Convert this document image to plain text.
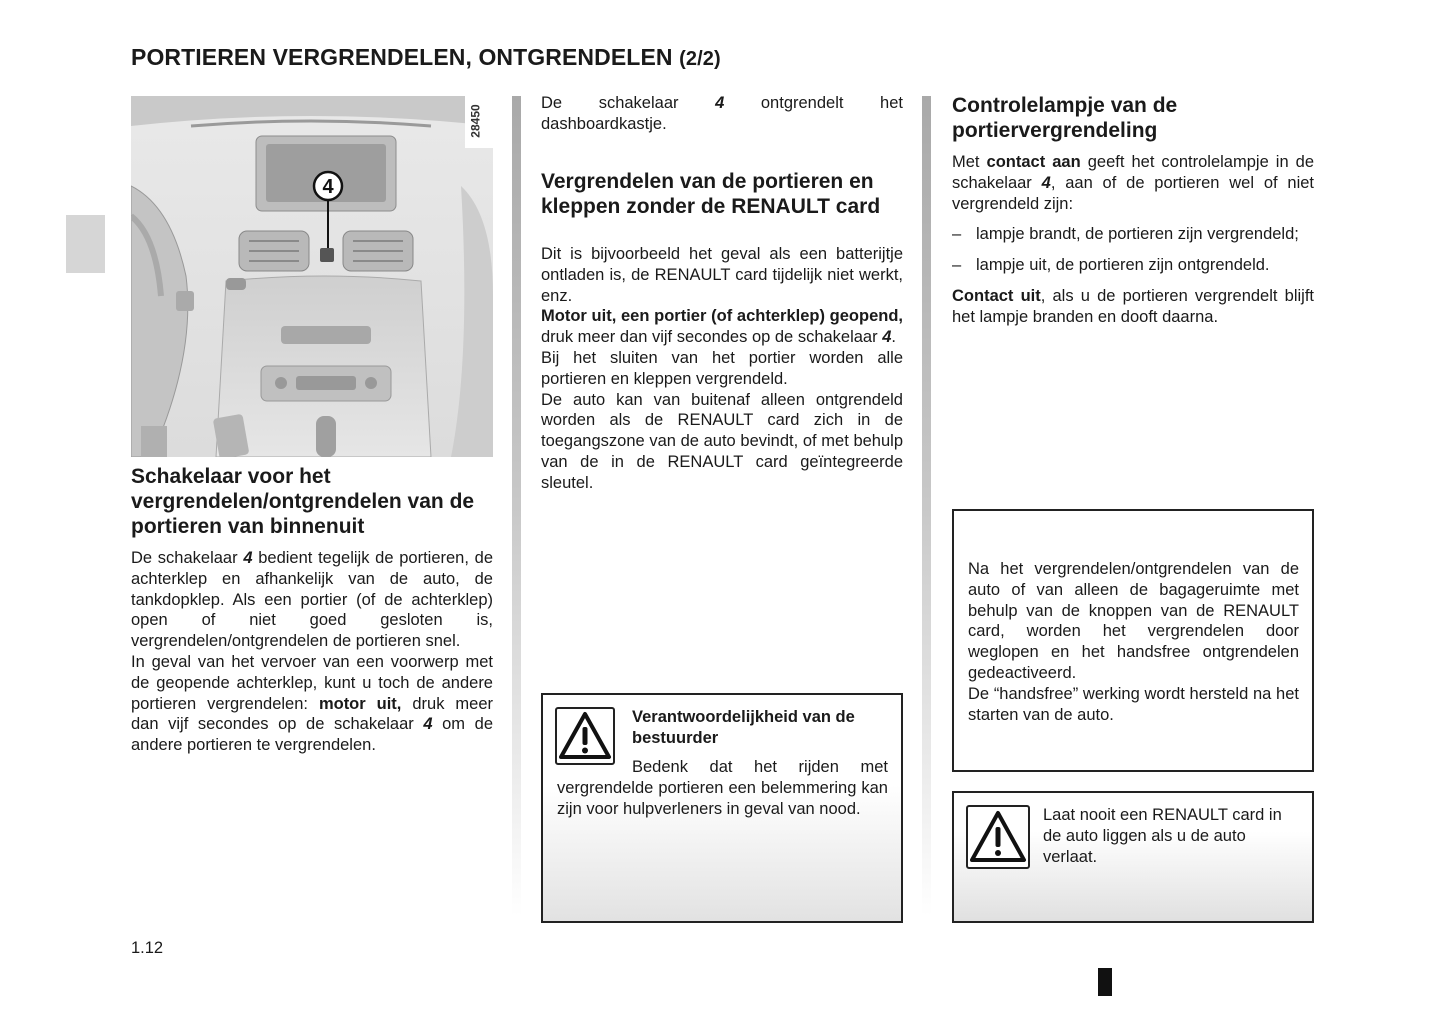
PORTIEREN VERGRENDELEN, ONTGRENDELEN (2/2)
4
28450
Schakelaar voor het vergrendelen/ontgrendelen van de portieren van binnenuit

De schakelaar 4 bedient tegelijk de portieren, de achterklep en afhankelijk van de auto, de tankdopklep. Als een portier (of de achterklep) open of niet goed gesloten is, vergrendelen/ontgrendelen de portieren snel.

In geval van het vervoer van een voorwerp met de geopende achterklep, kunt u toch de andere portieren vergrendelen: motor uit, druk meer dan vijf secondes op de schakelaar 4 om de andere portieren te vergrendelen.

De schakelaar 4 ontgrendelt het dashboardkastje.

Vergrendelen van de portieren en kleppen zonder de RENAULT card

Dit is bijvoorbeeld het geval als een batterijtje ontladen is, de RENAULT card tijdelijk niet werkt, enz.

Motor uit, een portier (of achterklep) geopend, druk meer dan vijf secondes op de schakelaar 4.

Bij het sluiten van het portier worden alle portieren en kleppen vergrendeld.

De auto kan van buitenaf alleen ontgrendeld worden als de RENAULT card zich in de toegangszone van de auto bevindt, of met behulp van de in de RENAULT card geïntegreerde sleutel.

Verantwoordelijkheid van de bestuurder
Bedenk dat het rijden met vergrendelde portieren een belemmering kan zijn voor hulpverleners in geval van nood.
Controlelampje van de portiervergrendeling

Met contact aan geeft het controlelampje in de schakelaar 4, aan of de portieren wel of niet vergrendeld zijn:

– lampje brandt, de portieren zijn vergrendeld;
– lampje uit, de portieren zijn ontgrendeld.

Contact uit, als u de portieren vergrendelt blijft het lampje branden en dooft daarna.

Na het vergrendelen/ontgrendelen van de auto of van alleen de bagageruimte met behulp van de knoppen van de RENAULT card, worden het vergrendelen door weglopen en het handsfree ontgrendelen gedeactiveerd.

De “handsfree” werking wordt hersteld na het starten van de auto.

Laat nooit een RENAULT card in de auto liggen als u de auto verlaat.
1.12
